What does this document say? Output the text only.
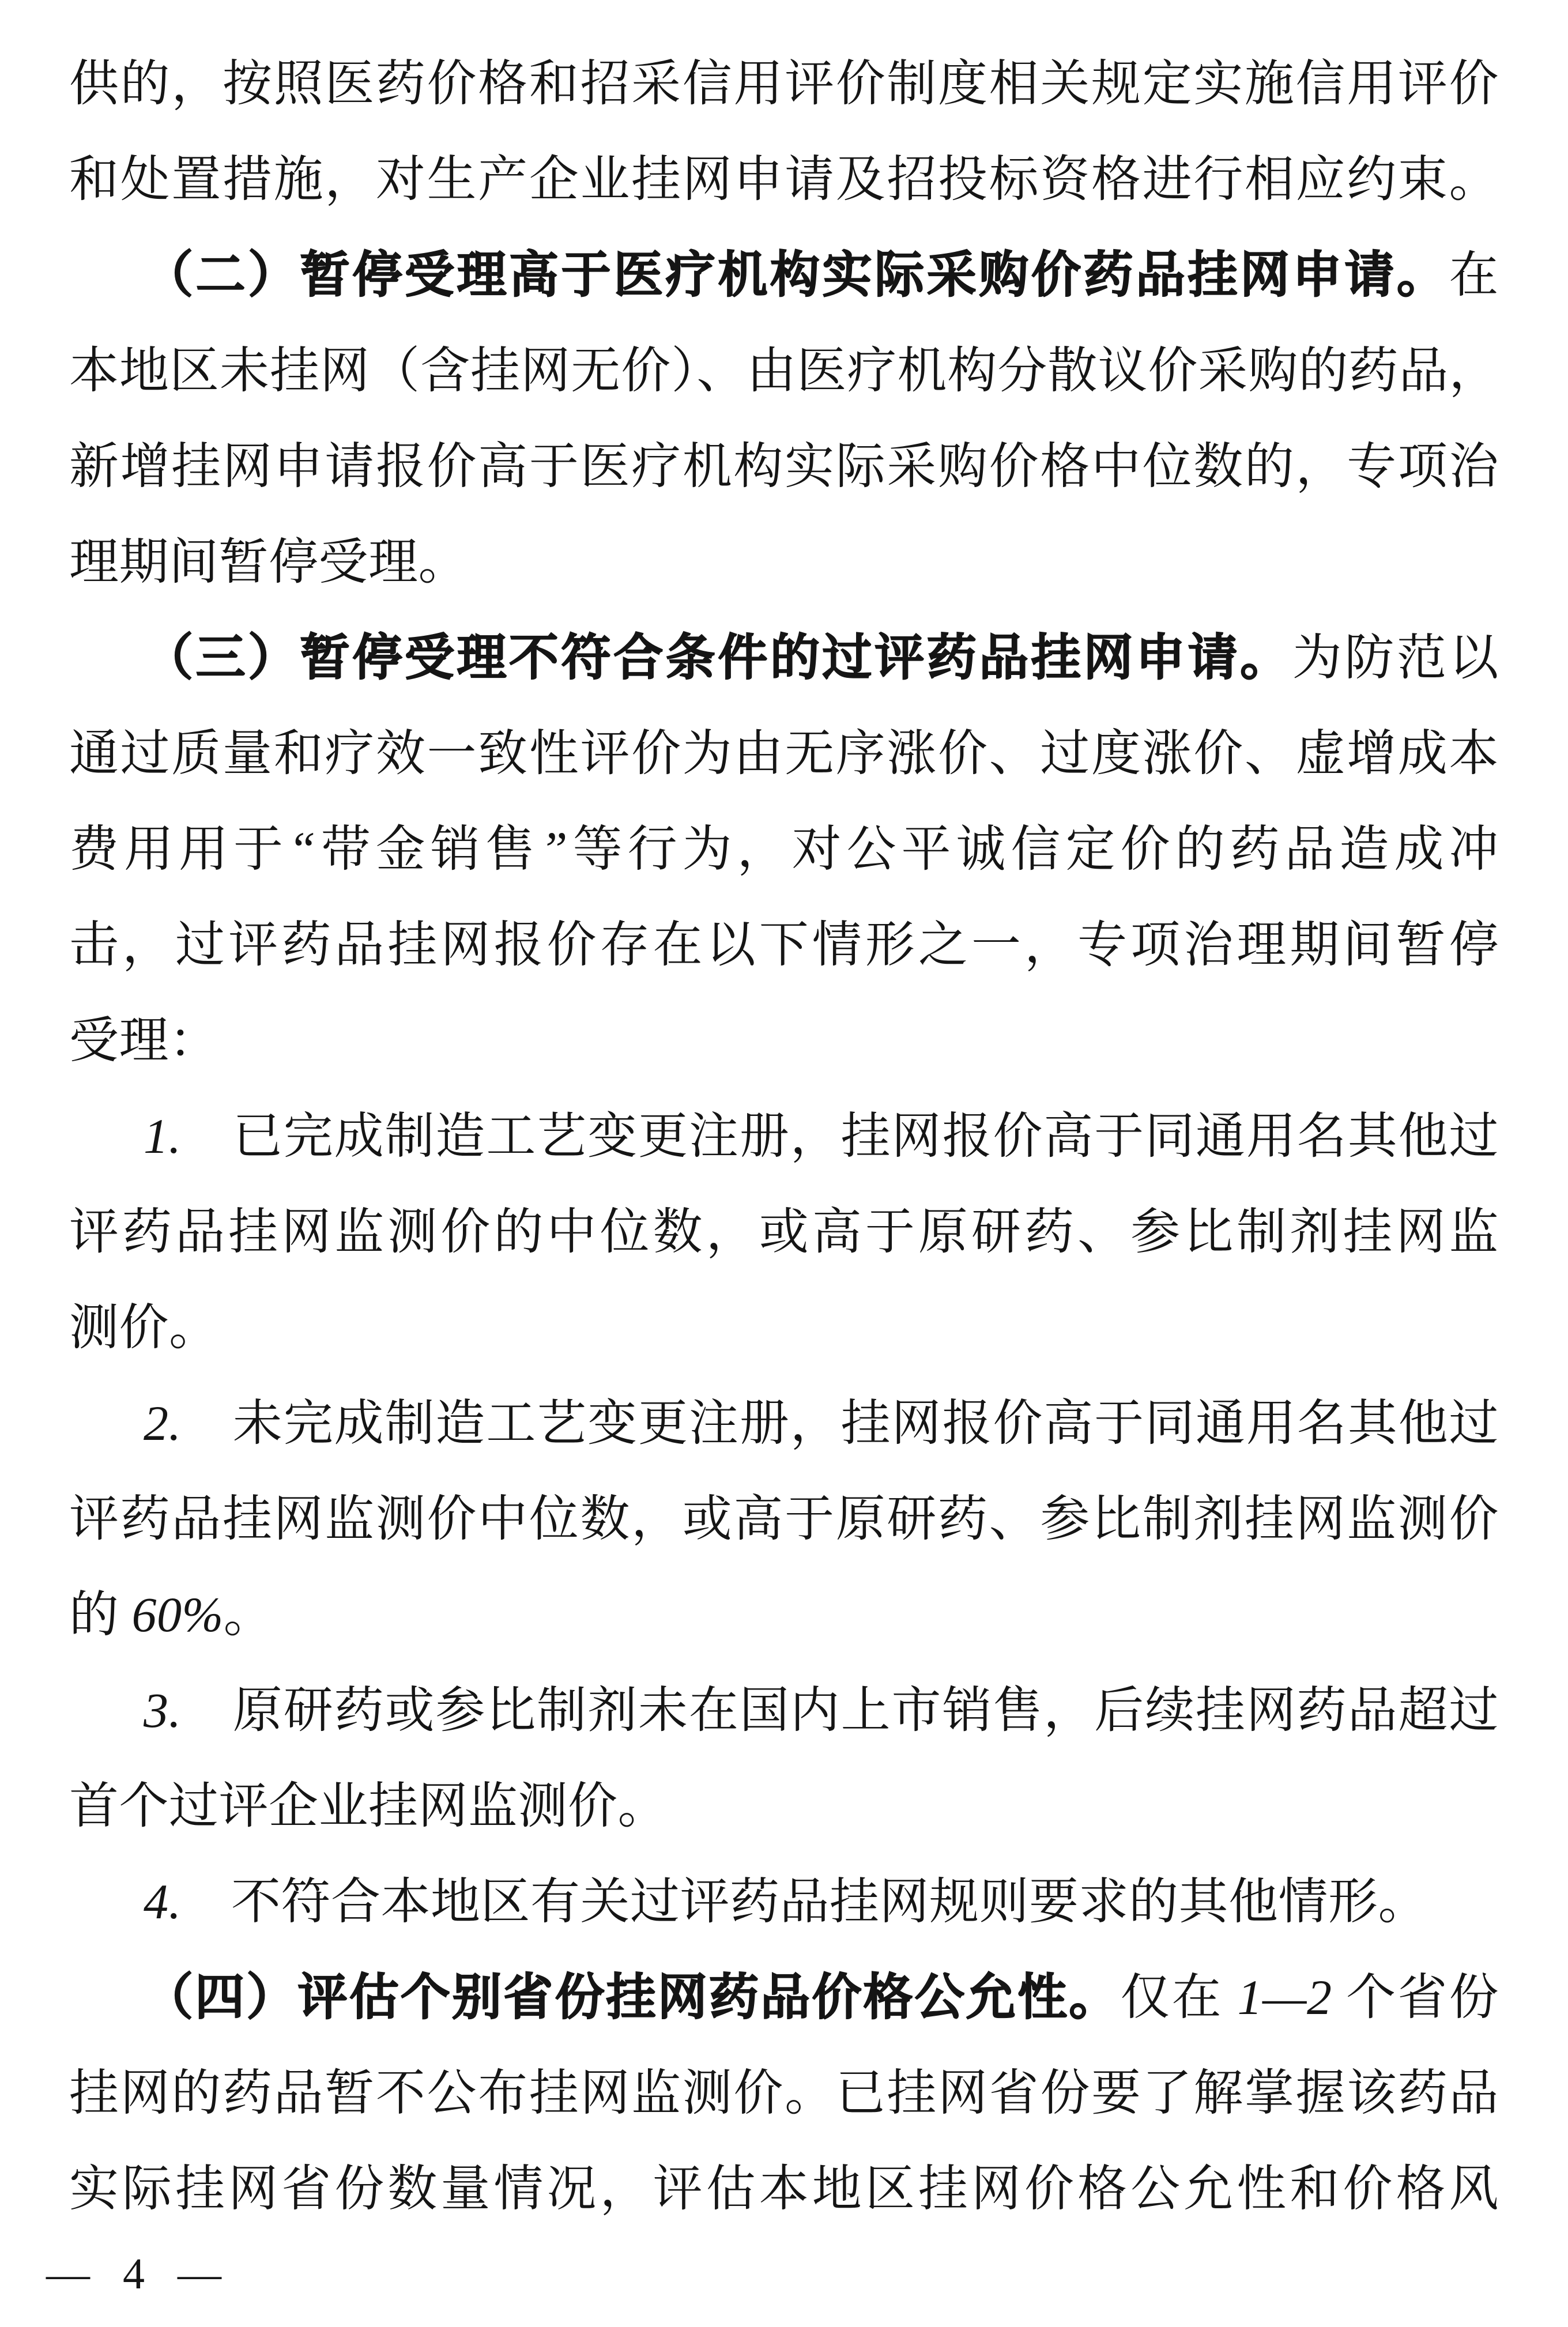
供的，按照医药价格和招采信用评价制度相关规定实施信用评价
和处置措施，对生产企业挂网申请及招投标资格进行相应约束。
（二）暂停受理高于医疗机构实际采购价药品挂网申请。在
本地区未挂网（含挂网无价）、由医疗机构分散议价采购的药品，
新增挂网申请报价高于医疗机构实际采购价格中位数的，专项治
理期间暂停受理。
（三）暂停受理不符合条件的过评药品挂网申请。为防范以
通过质量和疗效一致性评价为由无序涨价、过度涨价、虚增成本
费用用于“带金销售”等行为，对公平诚信定价的药品造成冲
击，过评药品挂网报价存在以下情形之一，专项治理期间暂停
受理：
1.　已完成制造工艺变更注册，挂网报价高于同通用名其他过
评药品挂网监测价的中位数，或高于原研药、参比制剂挂网监
测价。
2.　未完成制造工艺变更注册，挂网报价高于同通用名其他过
评药品挂网监测价中位数，或高于原研药、参比制剂挂网监测价
的 60%。
3.　原研药或参比制剂未在国内上市销售，后续挂网药品超过
首个过评企业挂网监测价。
4.　不符合本地区有关过评药品挂网规则要求的其他情形。
（四）评估个别省份挂网药品价格公允性。仅在 1—2 个省份
挂网的药品暂不公布挂网监测价。已挂网省份要了解掌握该药品
实际挂网省份数量情况，评估本地区挂网价格公允性和价格风
— 4 —
